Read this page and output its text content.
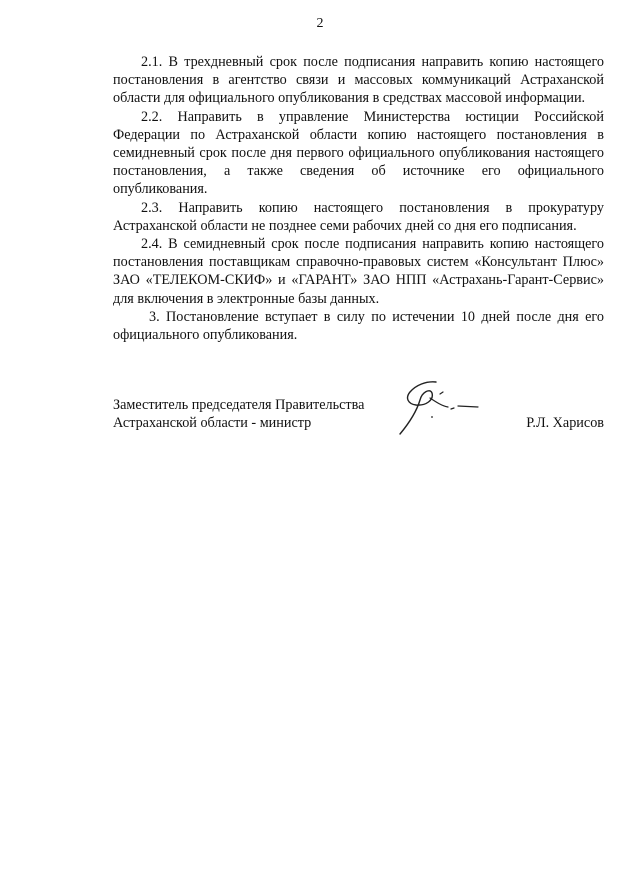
2

2.1. В трехдневный срок после подписания направить копию настоящего постановления в агентство связи и массовых коммуникаций Астраханской области для официального опубликования в средствах массовой информации.

2.2. Направить в управление Министерства юстиции Российской Федерации по Астраханской области копию настоящего постановления в семидневный срок после дня первого официального опубликования настоящего постановления, а также сведения об источнике его официального опубликования.

2.3. Направить копию настоящего постановления в прокуратуру Астраханской области не позднее семи рабочих дней со дня его подписания.

2.4. В семидневный срок после подписания направить копию настоящего постановления поставщикам справочно-правовых систем «Консультант Плюс» ЗАО «ТЕЛЕКОМ-СКИФ» и «ГАРАНТ» ЗАО НПП «Астрахань-Гарант-Сервис» для включения в электронные базы данных.

3. Постановление вступает в силу по истечении 10 дней после дня его официального опубликования.

Заместитель председателя Правительства
Астраханской области - министр	Р.Л. Харисов
